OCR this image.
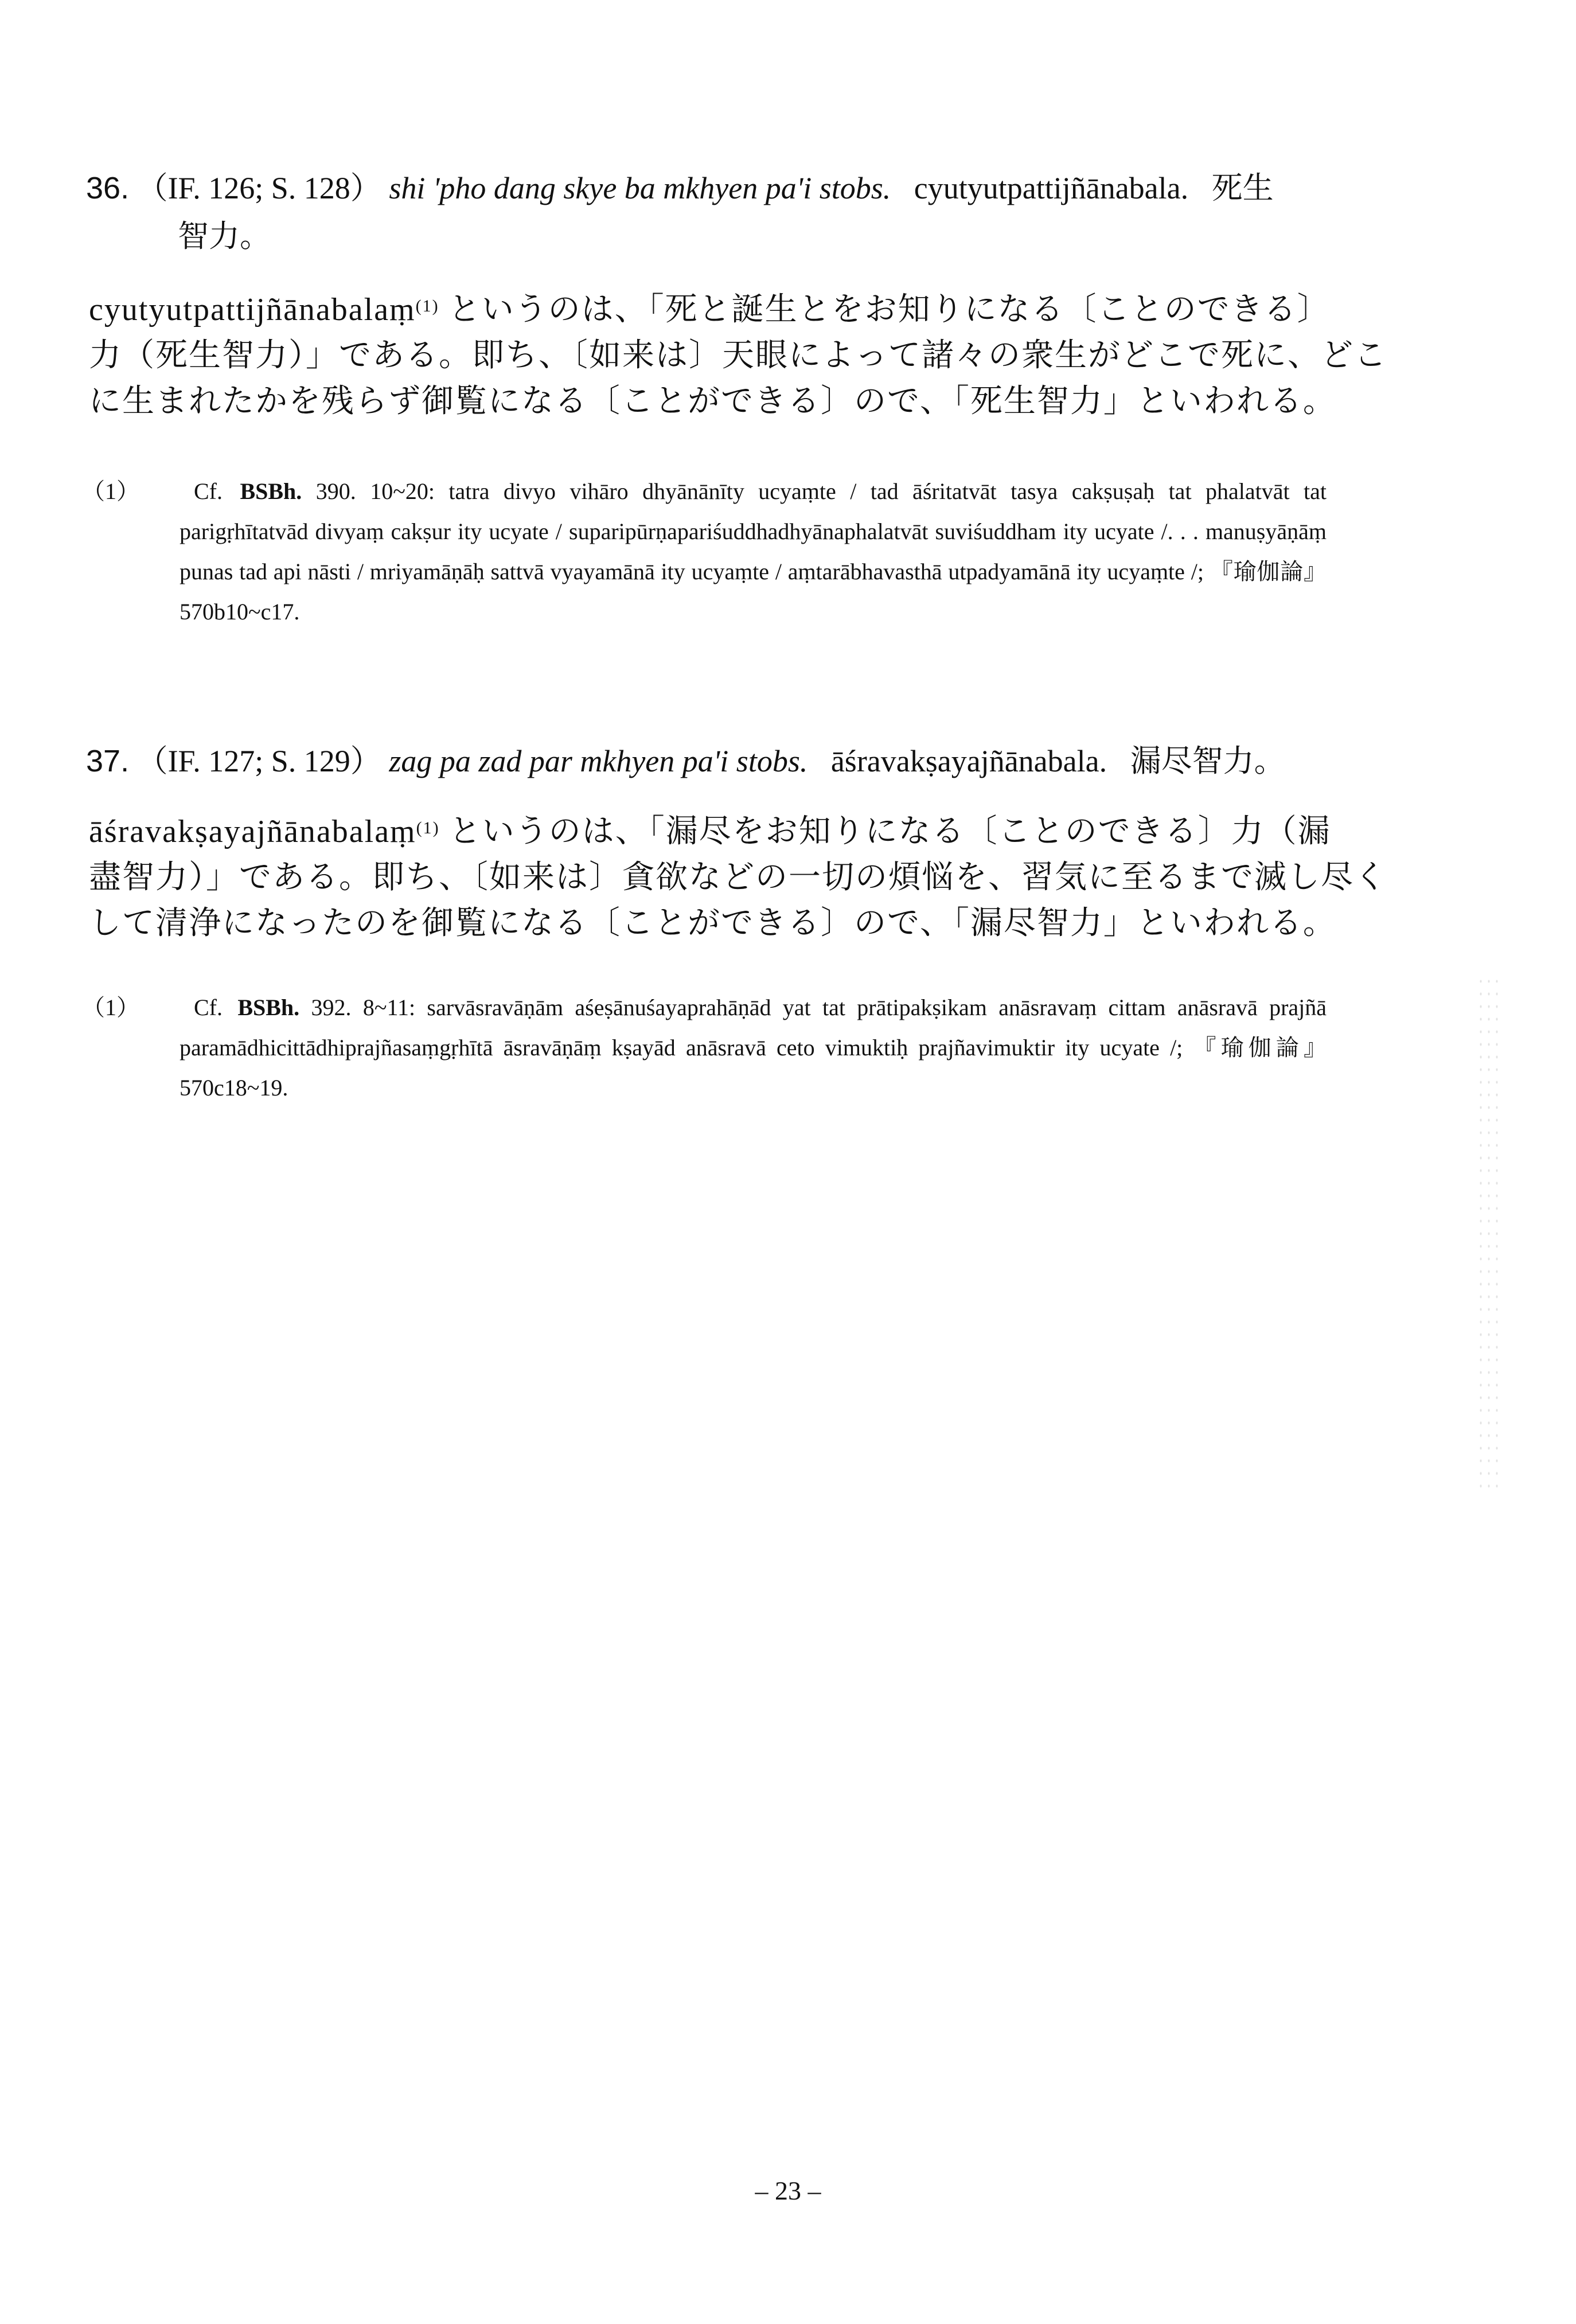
36. （IF. 126; S. 128） shi 'pho dang skye ba mkhyen pa'i stobs. cyutyutpattijñānabala. 死生
智力。

cyutyutpattijñānabalaṃ$^{(1)}$ というのは、「死と誕生とをお知りになる〔ことのできる〕
力（死生智力）」である。即ち、〔如来は〕天眼によって諸々の衆生がどこで死に、どこ
に生まれたかを残らず御覧になる〔ことができる〕ので、「死生智力」といわれる。

（1） Cf. BSBh. 390. 10~20: tatra divyo vihāro dhyānānīty ucyaṃte / tad āśritatvāt tasya cakṣuṣaḥ tat phalatvāt tat parigṛhītatvād divyaṃ cakṣur ity ucyate / suparipūrṇapariśuddhadhyānaphalatvāt suviśuddham ity ucyate /. . . manuṣyāṇāṃ punas tad api nāsti / mriyamāṇāḥ sattvā vyayamānā ity ucyaṃte / aṃtarābhavasthā utpadyamānā ity ucyaṃte /; 『瑜伽論』570b10~c17.

37. （IF. 127; S. 129） zag pa zad par mkhyen pa'i stobs. āśravakṣayajñānabala. 漏尽智力。

āśravakṣayajñānabalaṃ$^{(1)}$ というのは、「漏尽をお知りになる〔ことのできる〕力（漏
盡智力）」である。即ち、〔如来は〕貪欲などの一切の煩悩を、習気に至るまで滅し尽く
して清浄になったのを御覧になる〔ことができる〕ので、「漏尽智力」といわれる。

（1） Cf. BSBh. 392. 8~11: sarvāsravāṇām aśeṣānuśayaprahāṇād yat tat prātipakṣikam anāsravaṃ cittam anāsravā prajñā paramādhicittādhiprajñasaṃgṛhītā āsravāṇāṃ kṣayād anāsravā ceto vimuktiḥ prajñavimuktir ity ucyate /; 『瑜伽論』570c18~19.

– 23 –
